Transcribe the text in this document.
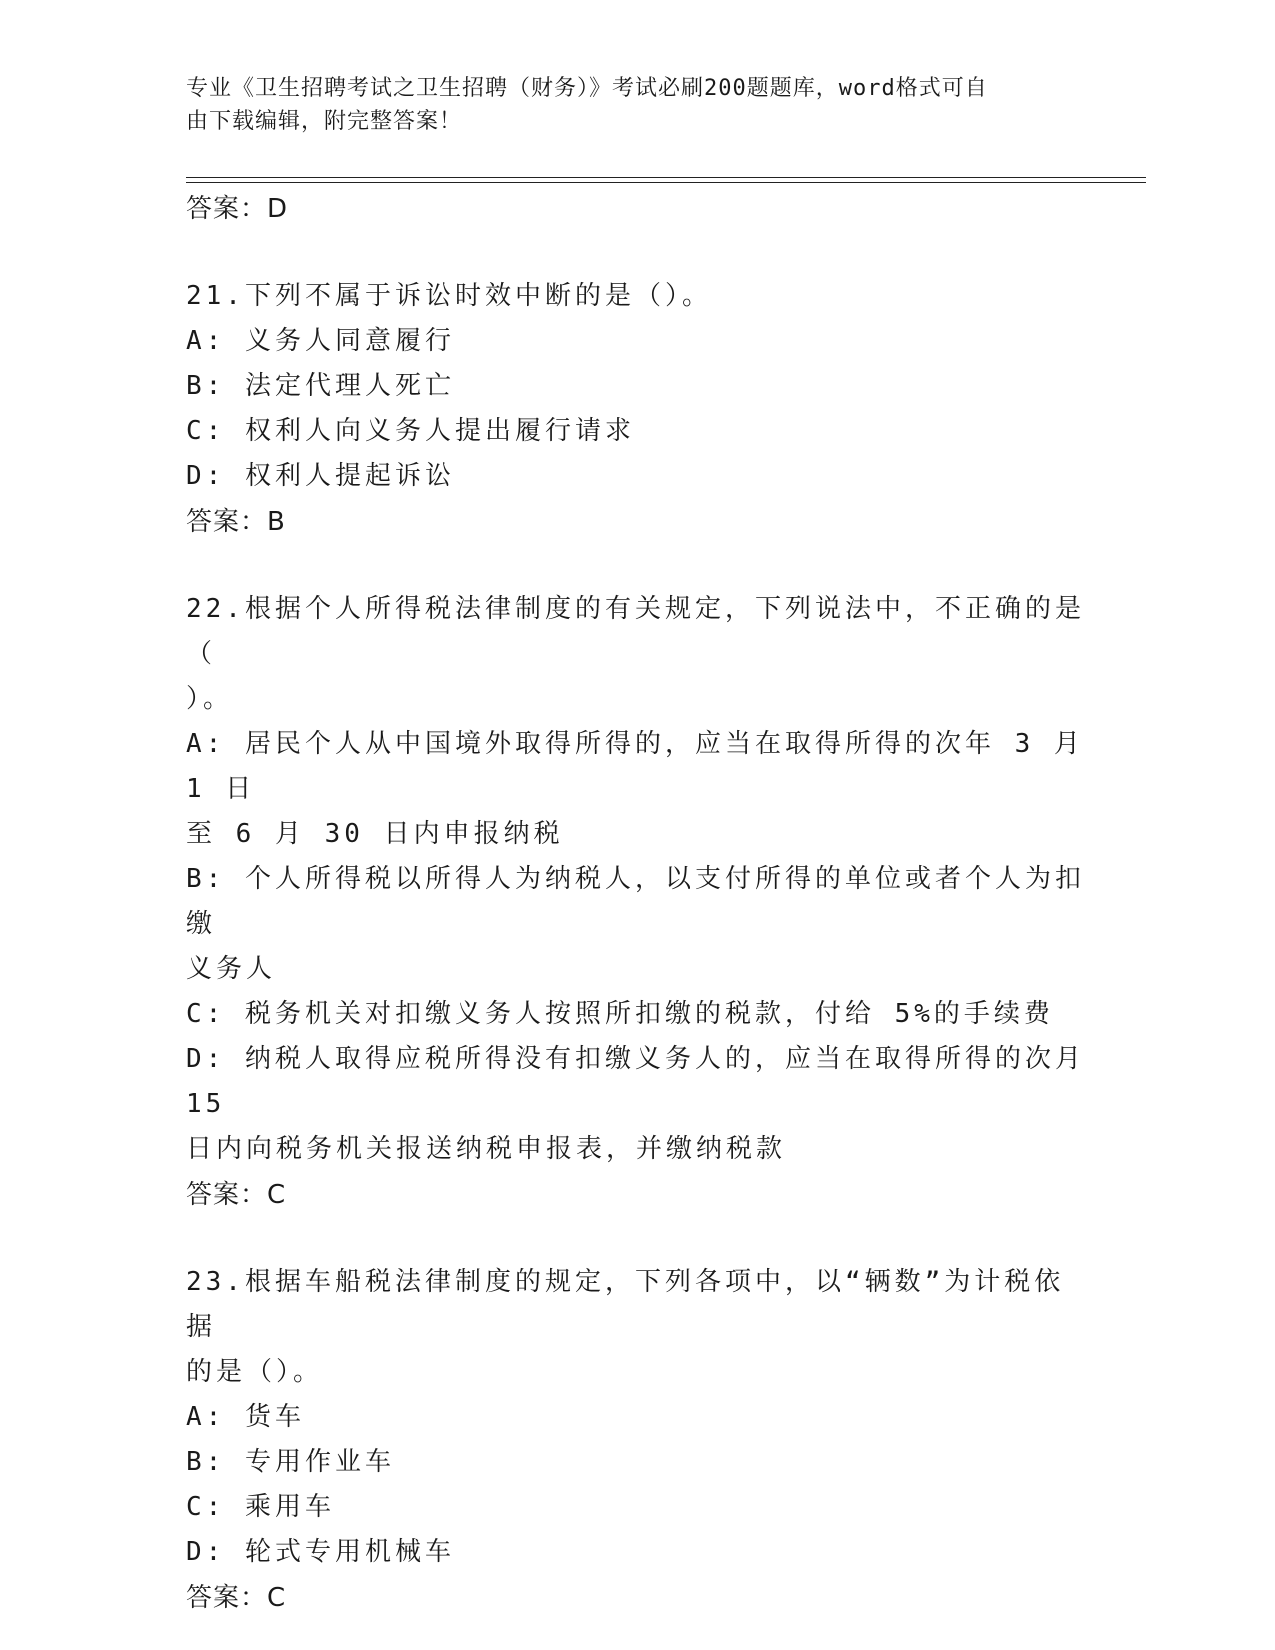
专业《卫生招聘考试之卫生招聘（财务）》考试必刷200题题库，word格式可自
由下载编辑，附完整答案！
答案：D
21.下列不属于诉讼时效中断的是（）。
A: 义务人同意履行
B: 法定代理人死亡
C: 权利人向义务人提出履行请求
D: 权利人提起诉讼
答案：B
22.根据个人所得税法律制度的有关规定，下列说法中，不正确的是（
）。
A: 居民个人从中国境外取得所得的，应当在取得所得的次年 3 月 1 日
至 6 月 30 日内申报纳税
B: 个人所得税以所得人为纳税人，以支付所得的单位或者个人为扣缴
义务人
C: 税务机关对扣缴义务人按照所扣缴的税款，付给 5%的手续费
D: 纳税人取得应税所得没有扣缴义务人的，应当在取得所得的次月 15
日内向税务机关报送纳税申报表，并缴纳税款
答案：C
23.根据车船税法律制度的规定，下列各项中，以“辆数”为计税依据
的是（）。
A: 货车
B: 专用作业车
C: 乘用车
D: 轮式专用机械车
答案：C
